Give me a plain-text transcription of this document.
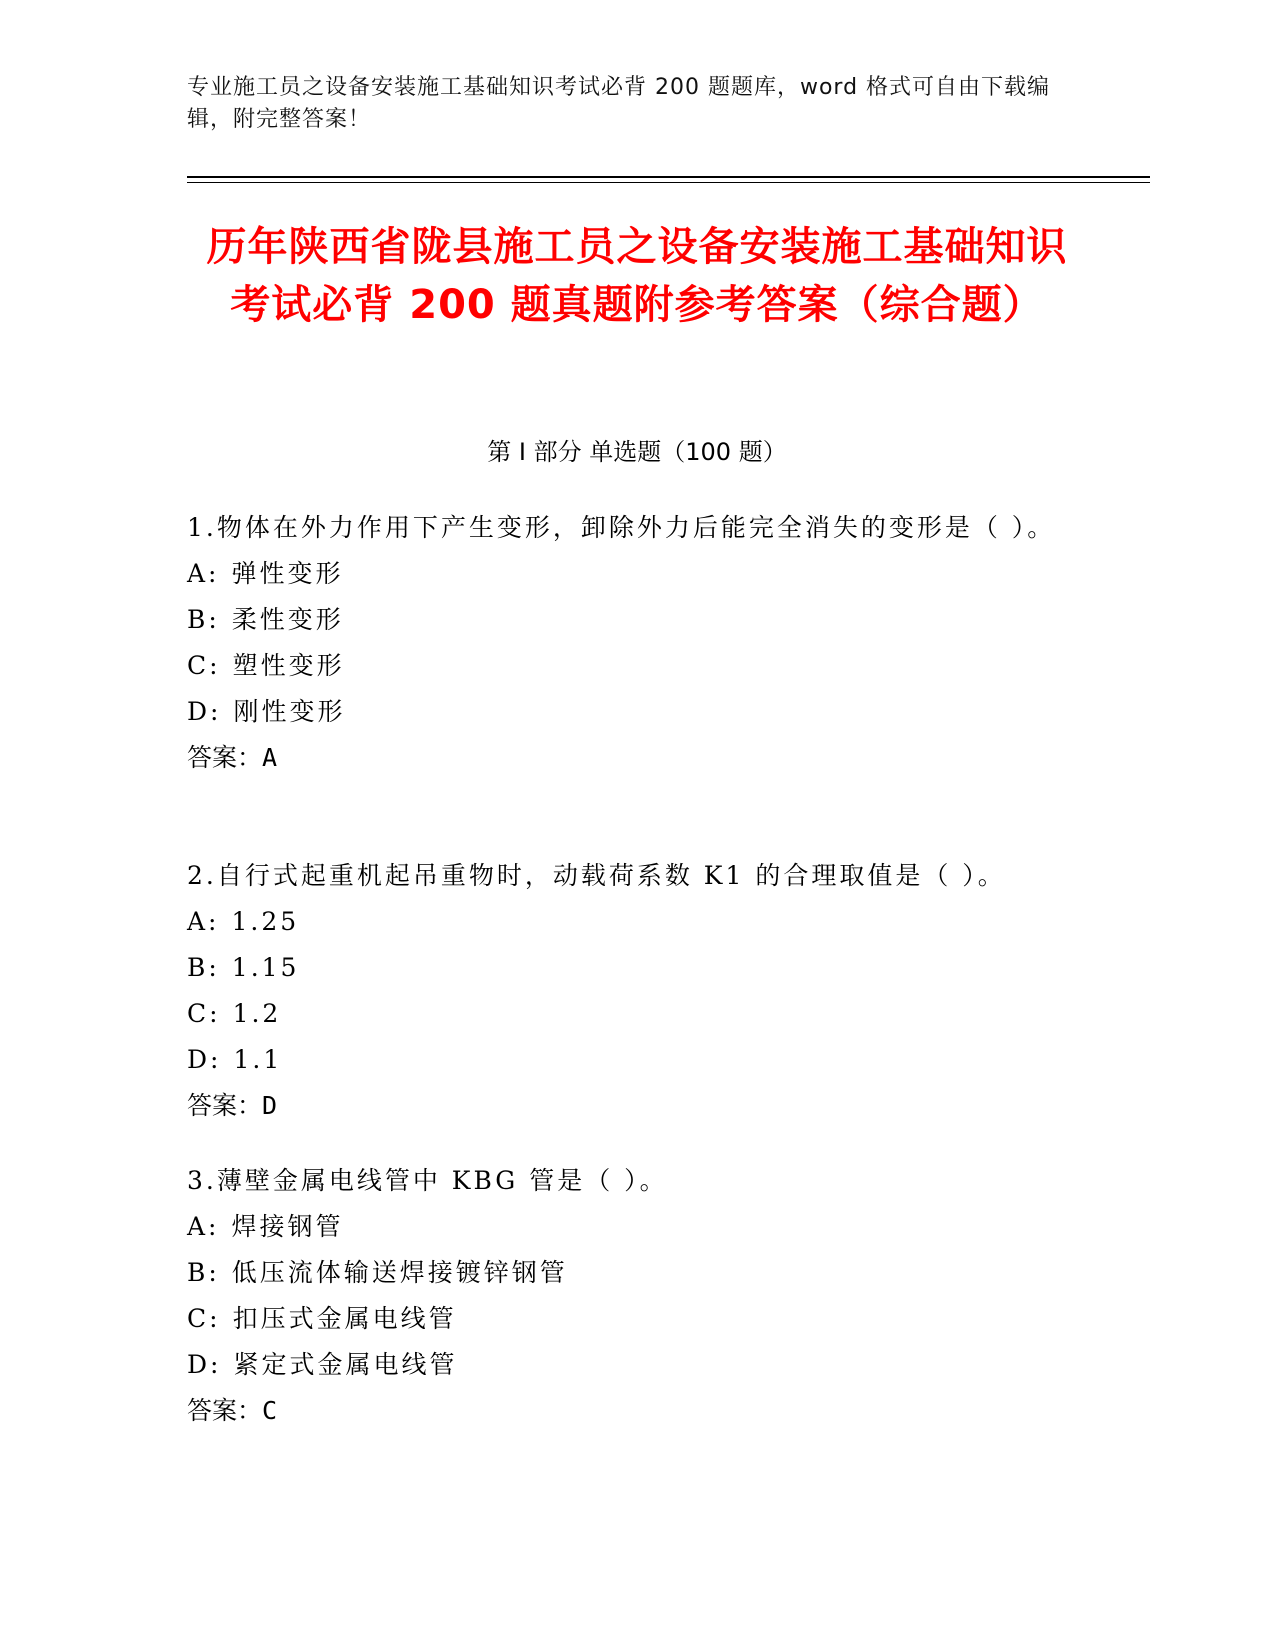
专业施工员之设备安装施工基础知识考试必背 200 题题库，word 格式可自由下载编辑，附完整答案！
历年陕西省陇县施工员之设备安装施工基础知识考试必背 200 题真题附参考答案（综合题）
第 I 部分 单选题（100 题）

1.物体在外力作用下产生变形，卸除外力后能完全消失的变形是（ ）。

A: 弹性变形

B: 柔性变形

C: 塑性变形

D: 刚性变形

答案：A

2.自行式起重机起吊重物时，动载荷系数 K1 的合理取值是（ ）。

A: 1.25

B: 1.15

C: 1.2

D: 1.1

答案：D

3.薄壁金属电线管中 KBG 管是（ ）。

A: 焊接钢管

B: 低压流体输送焊接镀锌钢管

C: 扣压式金属电线管

D: 紧定式金属电线管

答案：C
